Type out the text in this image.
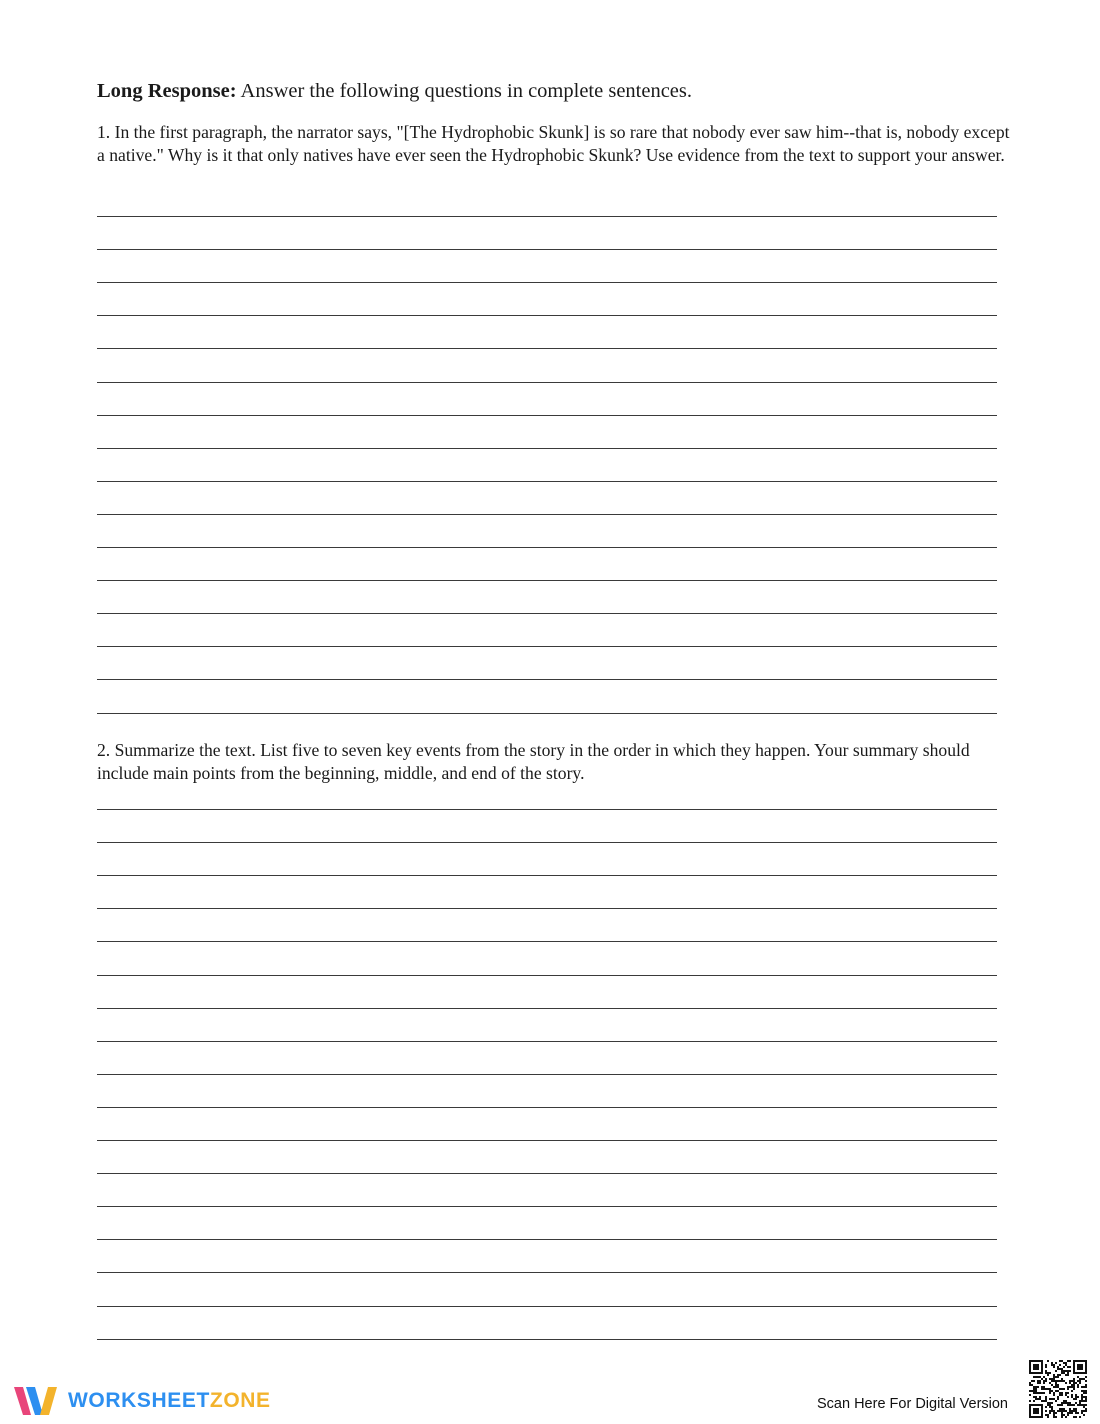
Long Response: Answer the following questions in complete sentences.
1. In the first paragraph, the narrator says, "[The Hydrophobic Skunk] is so rare that nobody ever saw him--that is, nobody except a native." Why is it that only natives have ever seen the Hydrophobic Skunk? Use evidence from the text to support your answer.
2. Summarize the text. List five to seven key events from the story in the order in which they happen. Your summary should include main points from the beginning, middle, and end of the story.
WORKSHEETZONE	Scan Here For Digital Version
